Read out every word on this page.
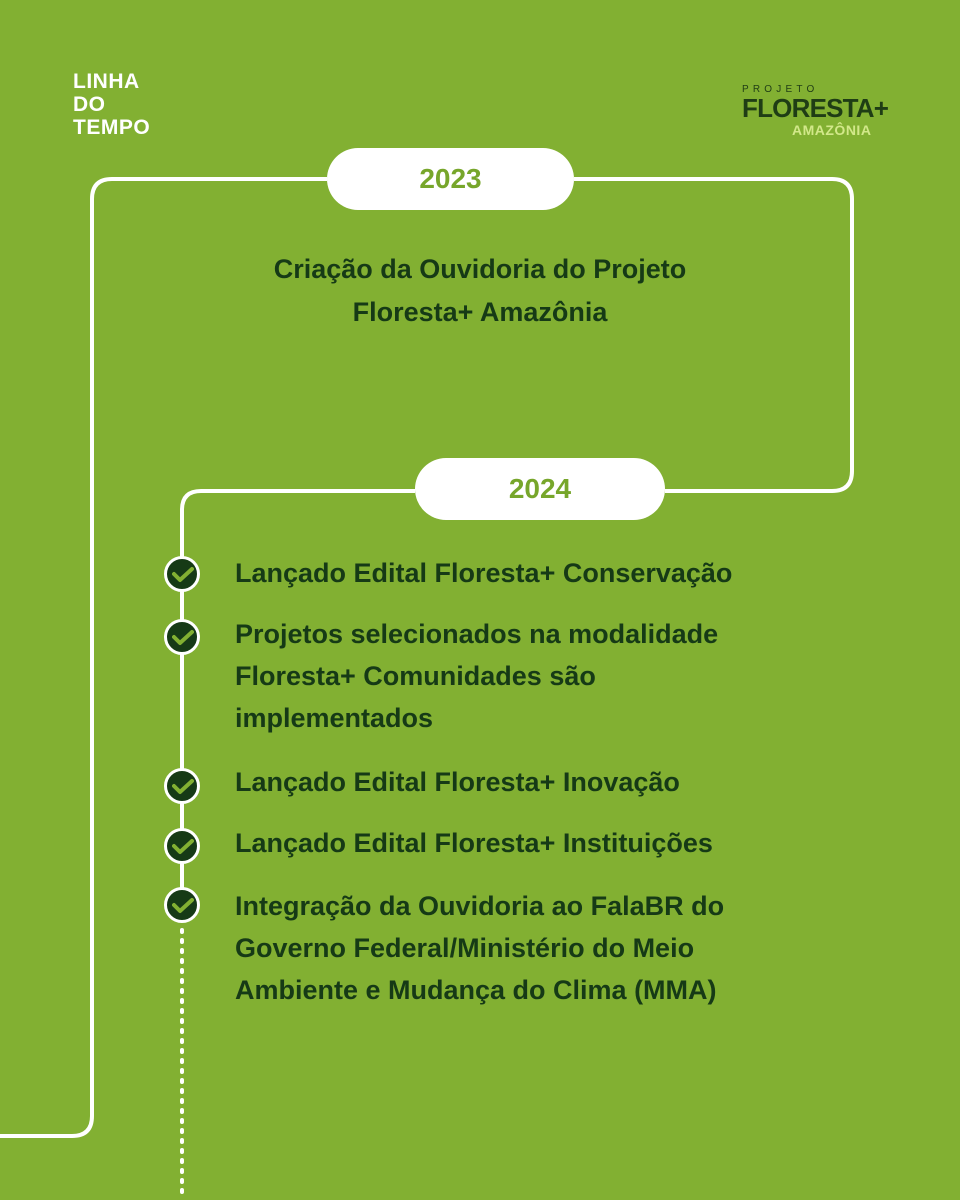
LINHA
DO
TEMPO
PROJETO
FLORESTA+
AMAZÔNIA
2023
Criação da Ouvidoria do Projeto
Floresta+ Amazônia
2024
Lançado Edital Floresta+ Conservação
Projetos selecionados na modalidade
Floresta+ Comunidades são
implementados
Lançado Edital Floresta+ Inovação
Lançado Edital Floresta+ Instituições
Integração da Ouvidoria ao FalaBR do
Governo Federal/Ministério do Meio
Ambiente e Mudança do Clima (MMA)
